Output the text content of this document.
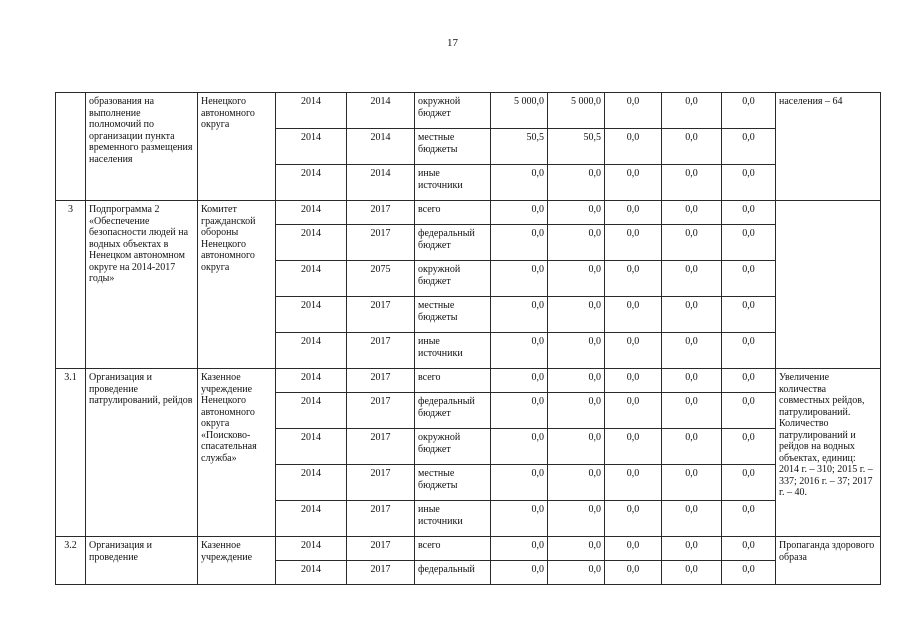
17
	образования на выполнение полномочий по организации пункта временного размещения населения	Ненецкого автономного округа	2014	2014	окружной бюджет	5 000,0	5 000,0	0,0	0,0	0,0	населения – 64
			2014	2014	местные бюджеты	50,5	50,5	0,0	0,0	0,0	
			2014	2014	иные источники	0,0	0,0	0,0	0,0	0,0	
3	Подпрограмма 2 «Обеспечение безопасности людей на водных объектах в Ненецком автономном округе на 2014-2017 годы»	Комитет гражданской обороны Ненецкого автономного округа	2014	2017	всего	0,0	0,0	0,0	0,0	0,0	
			2014	2017	федеральный бюджет	0,0	0,0	0,0	0,0	0,0	
			2014	2075	окружной бюджет	0,0	0,0	0,0	0,0	0,0	
			2014	2017	местные бюджеты	0,0	0,0	0,0	0,0	0,0	
			2014	2017	иные источники	0,0	0,0	0,0	0,0	0,0	
3.1	Организация и проведение патрулирований, рейдов	Казенное учреждение Ненецкого автономного округа «Поисково-спасательная служба»	2014	2017	всего	0,0	0,0	0,0	0,0	0,0	Увеличение количества совместных рейдов, патрулирований. Количество патрулирований и рейдов на водных объектах, единиц: 2014 г. – 310; 2015 г. – 337; 2016 г. – 37; 2017 г. – 40.
			2014	2017	федеральный бюджет	0,0	0,0	0,0	0,0	0,0	
			2014	2017	окружной бюджет	0,0	0,0	0,0	0,0	0,0	
			2014	2017	местные бюджеты	0,0	0,0	0,0	0,0	0,0	
			2014	2017	иные источники	0,0	0,0	0,0	0,0	0,0	
3.2	Организация и проведение	Казенное учреждение	2014	2017	всего	0,0	0,0	0,0	0,0	0,0	Пропаганда здорового образа
			2014	2017	федеральный	0,0	0,0	0,0	0,0	0,0	
